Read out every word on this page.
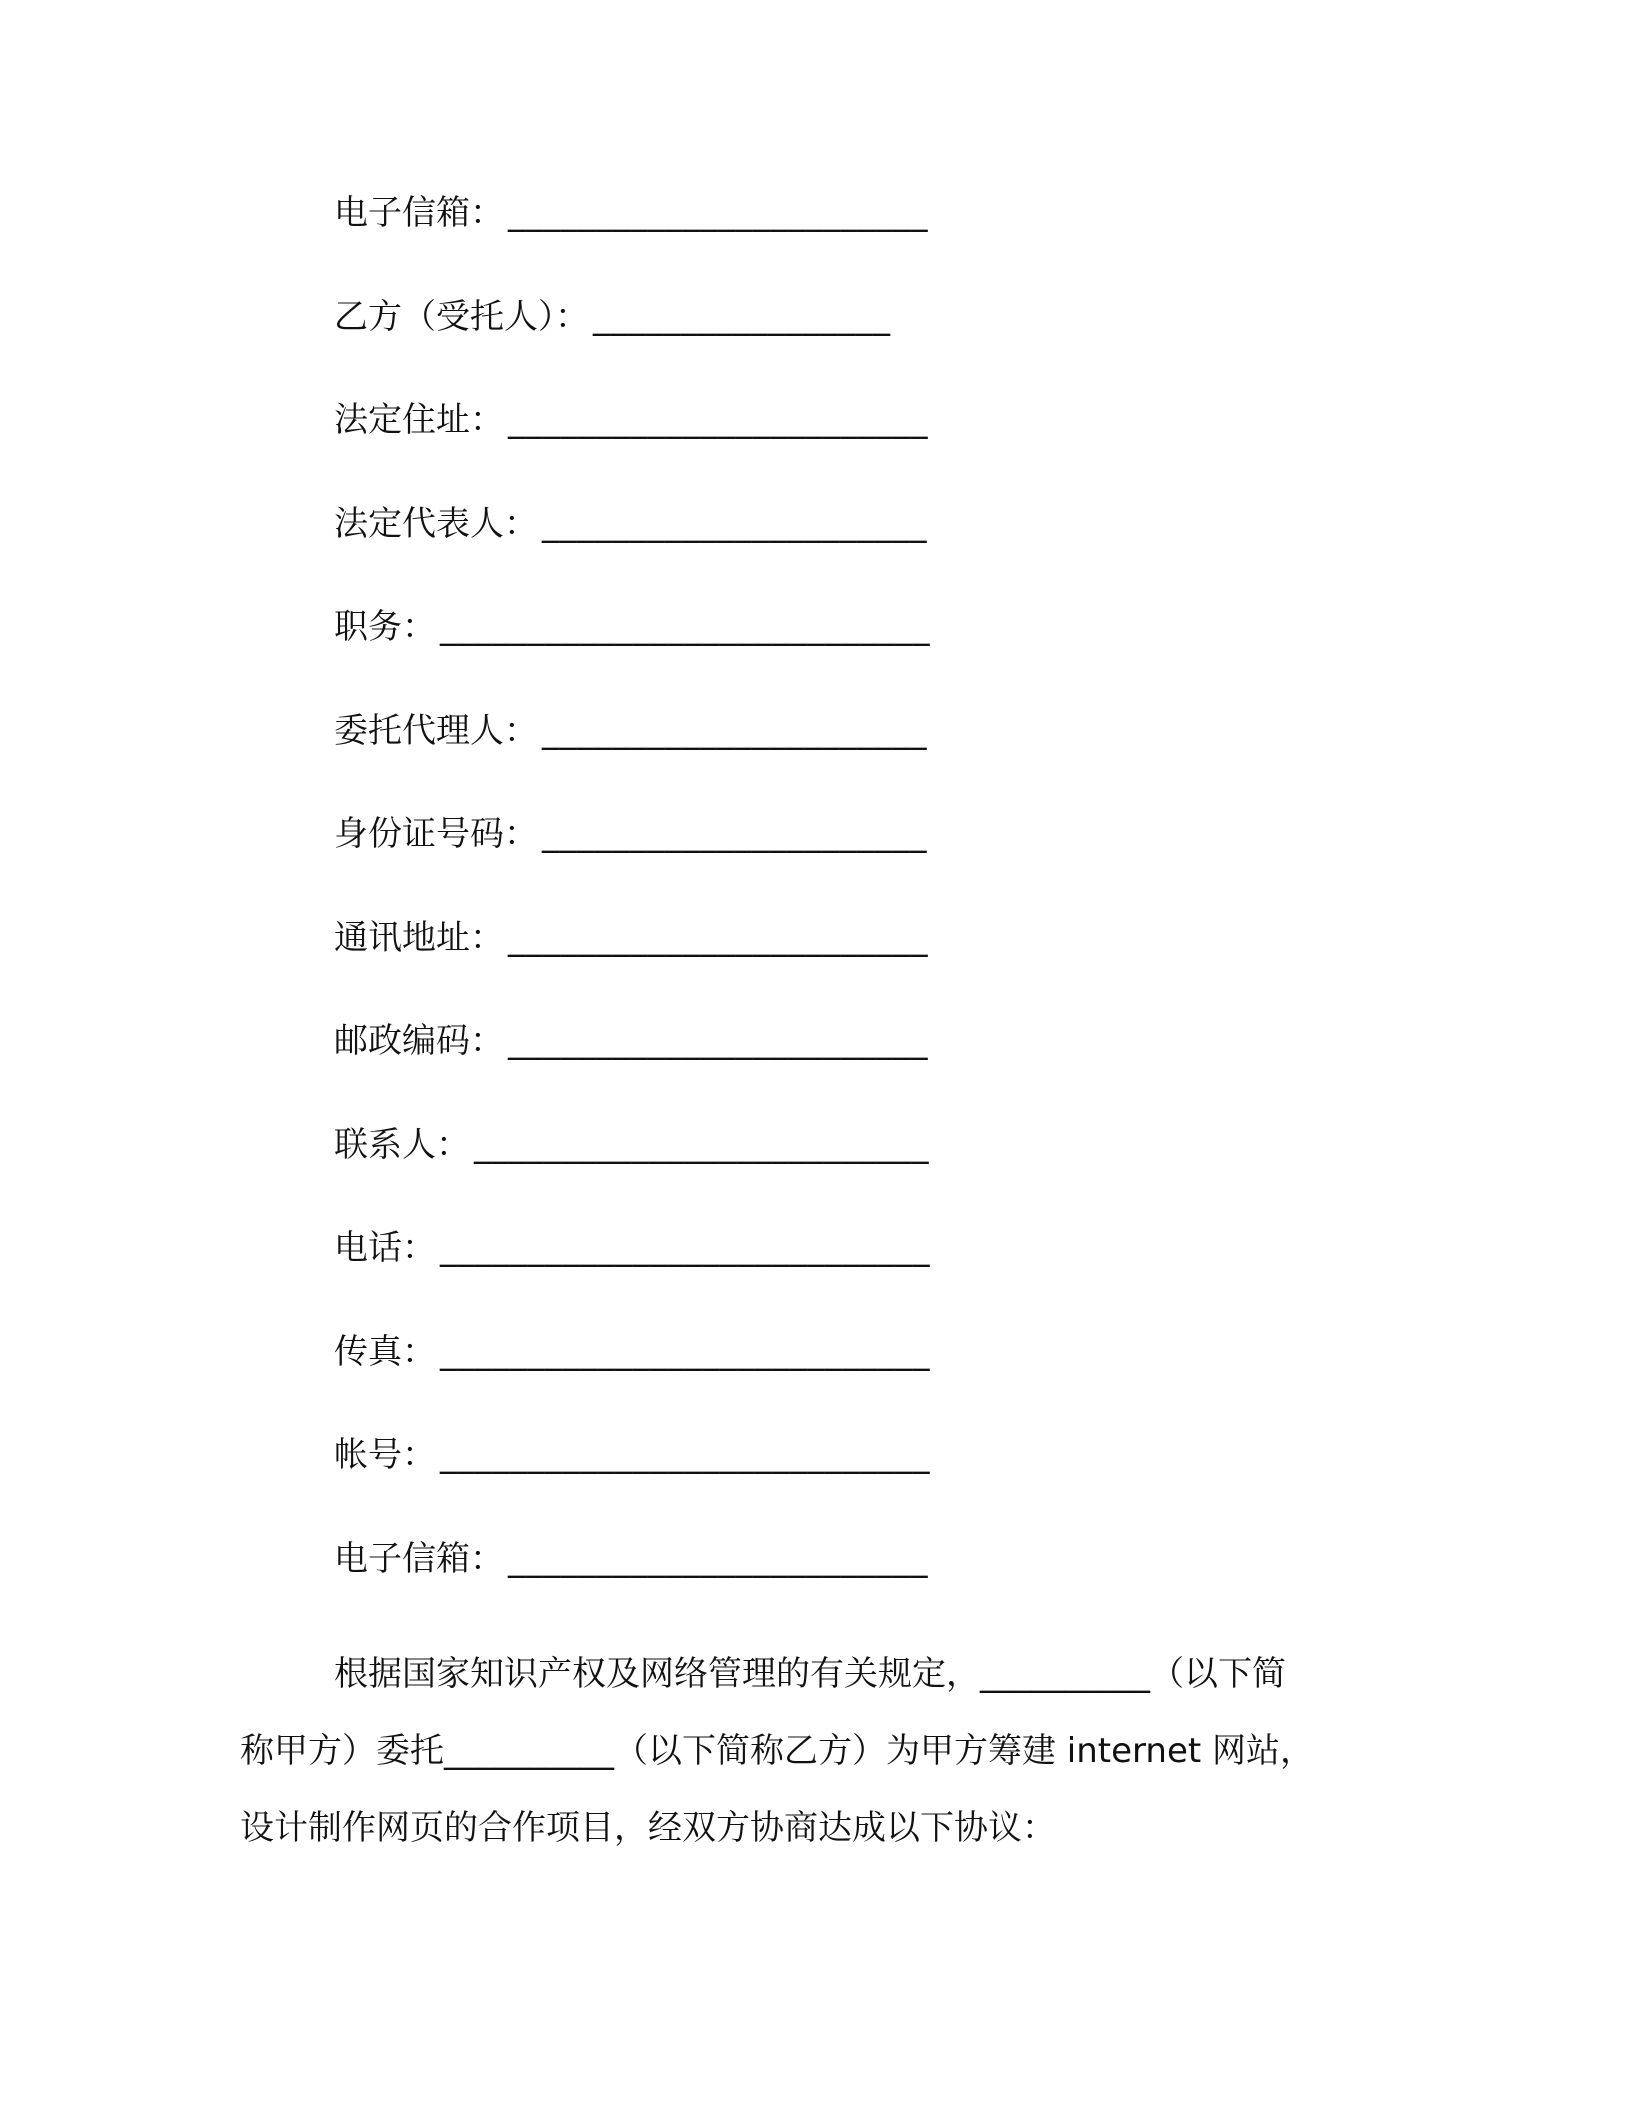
电子信箱： ________________________
乙方（受托人）： _________________
法定住址： ________________________
法定代表人： ______________________
职务： ____________________________
委托代理人： ______________________
身份证号码： ______________________
通讯地址： ________________________
邮政编码： ________________________
联系人： __________________________
电话： ____________________________
传真： ____________________________
帐号： ____________________________
电子信箱： ________________________
根据国家知识产权及网络管理的有关规定，__________（以下简
称甲方）委托__________（以下简称乙方）为甲方筹建 internet 网站，
设计制作网页的合作项目，经双方协商达成以下协议：
